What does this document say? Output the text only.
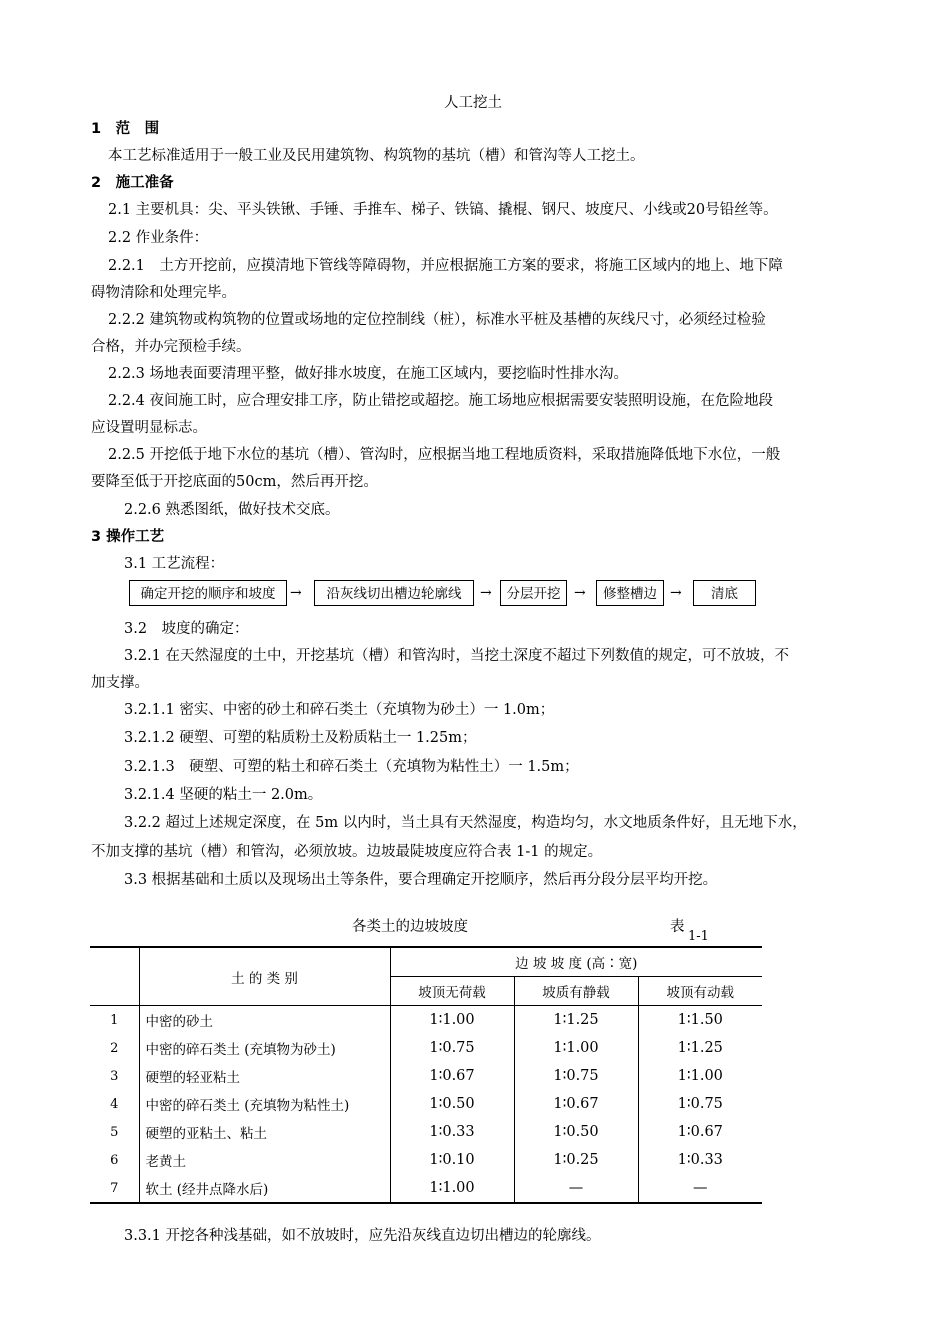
人工挖土
1　范　围
本工艺标准适用于一般工业及民用建筑物、构筑物的基坑（槽）和管沟等人工挖土。
2　施工准备
2.1 主要机具：尖、平头铁锹、手锤、手推车、梯子、铁镐、撬棍、钢尺、坡度尺、小线或20号铅丝等。
2.2 作业条件：
2.2.1　土方开挖前，应摸清地下管线等障碍物，并应根据施工方案的要求，将施工区域内的地上、地下障
碍物清除和处理完毕。
2.2.2 建筑物或构筑物的位置或场地的定位控制线（桩），标准水平桩及基槽的灰线尺寸，必须经过检验
合格，并办完预检手续。
2.2.3 场地表面要清理平整，做好排水坡度，在施工区域内，要挖临时性排水沟。
2.2.4 夜间施工时，应合理安排工序，防止错挖或超挖。施工场地应根据需要安装照明设施，在危险地段
应设置明显标志。
2.2.5 开挖低于地下水位的基坑（槽）、管沟时，应根据当地工程地质资料，采取措施降低地下水位，一般
要降至低于开挖底面的50cm，然后再开挖。
2.2.6 熟悉图纸，做好技术交底。
3 操作工艺
3.1 工艺流程：
确定开挖的顺序和坡度	→	沿灰线切出槽边轮廓线	→	分层开挖 →	修整槽边 →	清底
3.2　坡度的确定：
3.2.1 在天然湿度的土中，开挖基坑（槽）和管沟时，当挖土深度不超过下列数值的规定，可不放坡，不
加支撑。
3.2.1.1 密实、中密的砂土和碎石类土（充填物为砂土）一 1.0m；
3.2.1.2 硬塑、可塑的粘质粉土及粉质粘土一 1.25m；
3.2.1.3　硬塑、可塑的粘土和碎石类土（充填物为粘性土）一 1.5m；
3.2.1.4 坚硬的粘土一 2.0m。
3.2.2 超过上述规定深度，在 5m 以内时，当土具有天然湿度，构造均匀，水文地质条件好，且无地下水，
不加支撑的基坑（槽）和管沟，必须放坡。边坡最陡坡度应符合表 1-1 的规定。
3.3 根据基础和土质以及现场出土等条件，要合理确定开挖顺序，然后再分段分层平均开挖。
各类土的边坡坡度	表
1-1
	土 的 类 别	边 坡 坡 度 (高∶宽)		
		坡顶无荷载	坡质有静载	坡顶有动载
1	中密的砂土	1∶1.00	1∶1.25	1∶1.50
2	中密的碎石类土 (充填物为砂土)	1∶0.75	1∶1.00	1∶1.25
3	硬塑的轻亚粘土	1∶0.67	1∶0.75	1∶1.00
4	中密的碎石类土 (充填物为粘性土)	1∶0.50	1∶0.67	1∶0.75
5	硬塑的亚粘土、粘土	1∶0.33	1∶0.50	1∶0.67
6	老黄土	1∶0.10	1∶0.25	1∶0.33
7	软土 (经井点降水后)	1∶1.00	—	—
3.3.1 开挖各种浅基础，如不放坡时，应先沿灰线直边切出槽边的轮廓线。
